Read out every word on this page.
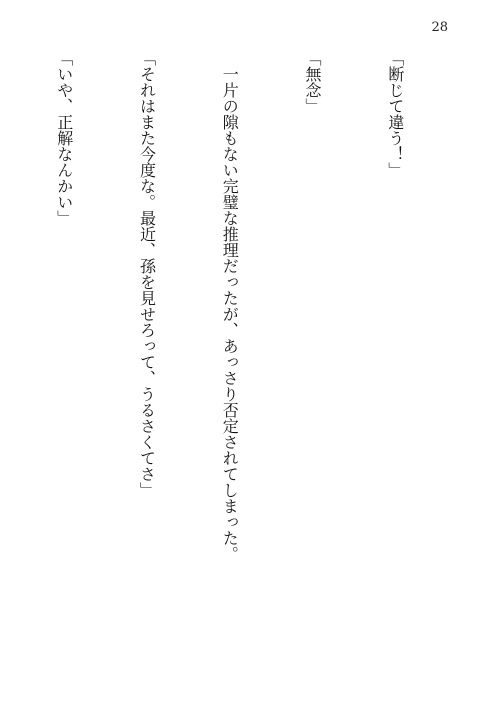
28

「断じて違う！」

「無念」

　一片の隙もない完璧な推理だったが、あっさり否定されてしまった。

「それはまた今度な。最近、孫を見せろって、うるさくてさ」

「いや、正解なんかい」
